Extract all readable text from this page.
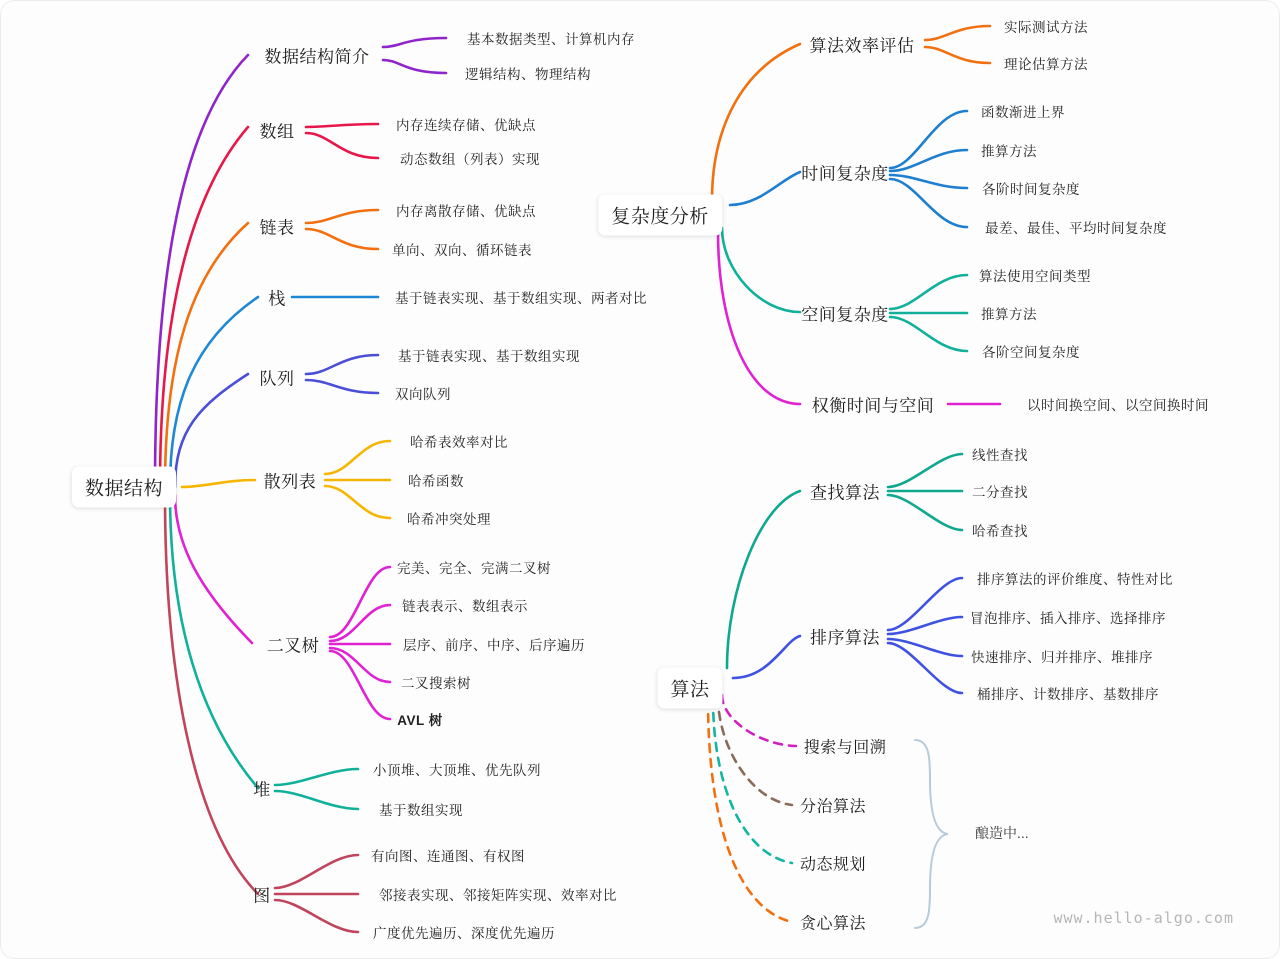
数据结构
数据结构简介
基本数据类型、计算机内存
逻辑结构、物理结构
数组	内存连续存储、优缺点
动态数组（列表）实现
链表
内存离散存储、优缺点
单向、双向、循环链表
栈	基于链表实现、基于数组实现、两者对比
队列
基于链表实现、基于数组实现
双向队列
散列表
哈希表效率对比
哈希函数
哈希冲突处理
二叉树
完美、完全、完满二叉树
链表表示、数组表示
层序、前序、中序、后序遍历
二叉搜索树
AVL 树
堆
小顶堆、大顶堆、优先队列
基于数组实现
图
有向图、连通图、有权图
邻接表实现、邻接矩阵实现、效率对比
广度优先遍历、深度优先遍历
复杂度分析
算法效率评估
实际测试方法
理论估算方法
时间复杂度
函数渐进上界
推算方法
各阶时间复杂度
最差、最佳、平均时间复杂度
空间复杂度
算法使用空间类型
推算方法
各阶空间复杂度
权衡时间与空间	以时间换空间、以空间换时间
算法
查找算法
线性查找
二分查找
哈希查找
排序算法
排序算法的评价维度、特性对比
冒泡排序、插入排序、选择排序
快速排序、归并排序、堆排序
桶排序、计数排序、基数排序
搜索与回溯
分治算法
动态规划
贪心算法
酿造中...
www.hello-algo.com
